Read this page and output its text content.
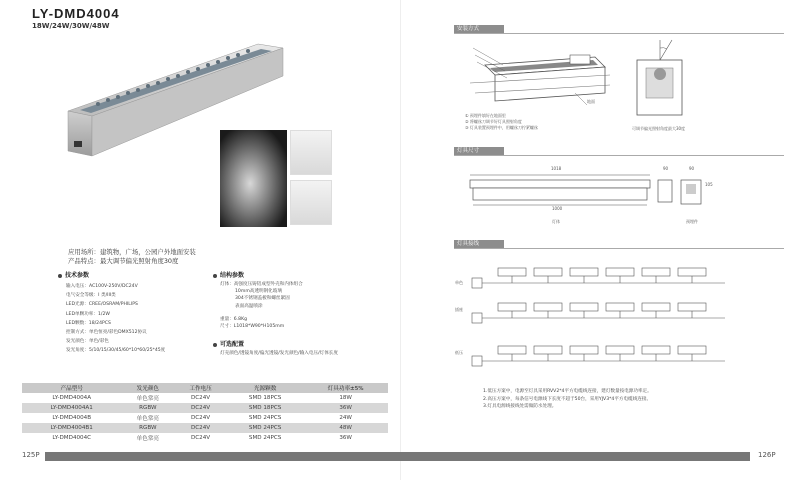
LY-DMD4004
18W/24W/30W/48W
应用场所：建筑物，广场，公园户外地面安装
产品特点：最大调节偏光照射角度30度
技术参数
输入电压：AC100V-250V/DC24V
电气安全等级：I 类/III类
LED光源：CREE/OSRAM/PHILIPS
LED单颗功率：1/2W
LED颗数：18/24PCS
控制方式：单色恒亮/彩色DMX512协议
发光颜色：单色/彩色
发光角度：5/10/15/30/45/60*10*60/25*45度
结构参数
灯体：高强度压铸铝成型外壳和内体组合
10mm高透明钢化玻璃
304不锈钢盖板和螺丝紧固
表面高温喷涂
重量：6.8Kg
尺寸：L1018*W90*H105mm
可选配置
灯壳颜色/透镜角度/偏光透镜/发光颜色/输入电压/灯体长度
产品型号	发光颜色	工作电压	光源颗数	灯具功率±5%
LY-DMD4004A	单色常亮	DC24V	SMD 18PCS	18W
LY-DMD4004A1	RGBW	DC24V	SMD 18PCS	36W
LY-DMD4004B	单色常亮	DC24V	SMD 24PCS	24W
LY-DMD4004B1	RGBW	DC24V	SMD 24PCS	48W
LY-DMD4004C	单色常亮	DC24V	SMD 24PCS	36W
125P
安装方式
地面
① 预埋件填好在地面里
② 将螺丝刀调节好灯具照射角度
③ 灯具装置预埋件中，用螺丝刀拧紧螺丝	可调节偏光照射角度最大30度
灯具尺寸
1018
1000
90	90
105
灯体	预埋件
灯具接线
单色
插座
低压
1.低压方案中，电源至灯具采用RVV2*4平方电缆线连接，建灯数量按电源功率定。
2.高压方案中，每条信号电源线下长度不超于50台，采用YJV3*4平方电缆线连接。
3.灯具电源线接线处需做防水处理。
126P
